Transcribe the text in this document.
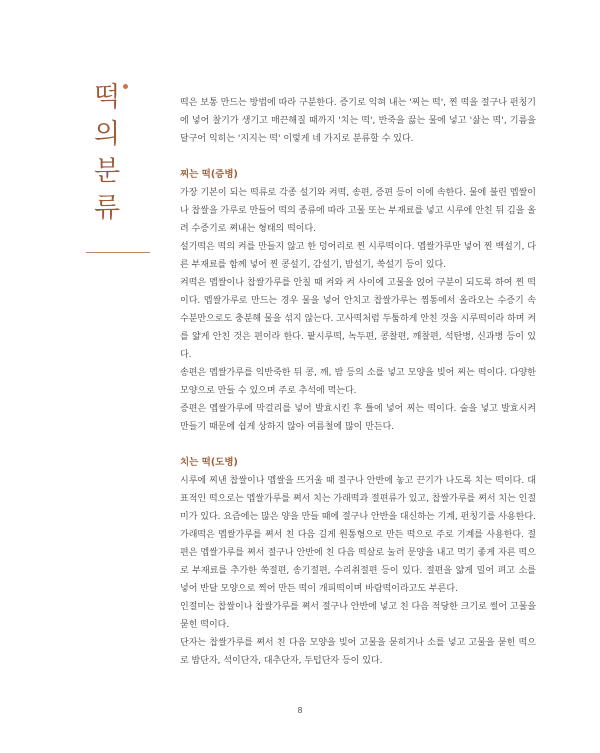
떡
의
분
류

떡은 보통 만드는 방법에 따라 구분한다. 증기로 익혀 내는 '찌는 떡', 찐 떡을 절구나 펀칭기에 넣어 찰기가 생기고 매끈해질 때까지 '치는 떡', 반죽을 끓는 물에 넣고 '삶는 떡', 기름을 달구어 익히는 '지지는 떡' 이렇게 네 가지로 분류할 수 있다.

찌는 떡(증병)

가장 기본이 되는 떡류로 각종 설기와 켜떡, 송편, 증편 등이 이에 속한다. 물에 불린 멥쌀이나 찹쌀을 가루로 만들어 떡의 종류에 따라 고물 또는 부재료를 넣고 시루에 안친 뒤 김을 올려 수증기로 쪄내는 형태의 떡이다.

설기떡은 떡의 켜를 만들지 않고 한 덩어리로 찐 시루떡이다. 멥쌀가루만 넣어 찐 백설기, 다른 부재료를 함께 넣어 찐 콩설기, 감설기, 밤설기, 쑥설기 등이 있다.

켜떡은 멥쌀이나 찹쌀가루를 안칠 때 켜와 켜 사이에 고물을 얹어 구분이 되도록 하여 찐 떡이다. 멥쌀가루로 만드는 경우 물을 넣어 안치고 찹쌀가루는 찜통에서 올라오는 수증기 속 수분만으로도 충분해 물을 섞지 않는다. 고사떡처럼 두툼하게 안친 것을 시루떡이라 하며 켜를 얇게 안친 것은 편이라 한다. 팥시루떡, 녹두편, 콩찰편, 깨찰편, 석탄병, 신과병 등이 있다.

송편은 멥쌀가루를 익반죽한 뒤 콩, 깨, 밤 등의 소를 넣고 모양을 빚어 찌는 떡이다. 다양한 모양으로 만들 수 있으며 주로 추석에 먹는다.

증편은 멥쌀가루에 막걸리를 넣어 발효시킨 후 틀에 넣어 찌는 떡이다. 술을 넣고 발효시켜 만들기 때문에 쉽게 상하지 않아 여름철에 많이 만든다.

치는 떡(도병)

시루에 찌낸 찹쌀이나 멥쌀을 뜨거울 때 절구나 안반에 놓고 끈기가 나도록 치는 떡이다. 대표적인 떡으로는 멥쌀가루를 쪄서 치는 가래떡과 절편류가 있고, 찹쌀가루를 쪄서 치는 인절미가 있다. 요즘에는 많은 양을 만들 때에 절구나 안반을 대신하는 기계, 펀칭기를 사용한다.

가래떡은 멥쌀가루를 쪄서 친 다음 길게 원통형으로 만든 떡으로 주로 기계를 사용한다. 절편은 멥쌀가루를 쪄서 절구나 안반에 친 다음 떡살로 눌러 문양을 내고 먹기 좋게 자른 떡으로 부재료를 추가한 쑥절편, 송기절편, 수리취절편 등이 있다. 절편을 얇게 밀어 펴고 소를 넣어 반달 모양으로 찍어 만든 떡이 개피떡이며 바람떡이라고도 부른다.

인절미는 찹쌀이나 찹쌀가루를 쪄서 절구나 안반에 넣고 친 다음 적당한 크기로 썰어 고물을 묻힌 떡이다.

단자는 찹쌀가루를 쪄서 친 다음 모양을 빚어 고물을 묻히거나 소를 넣고 고물을 묻힌 떡으로 밤단자, 석이단자, 대추단자, 두텁단자 등이 있다.

8
